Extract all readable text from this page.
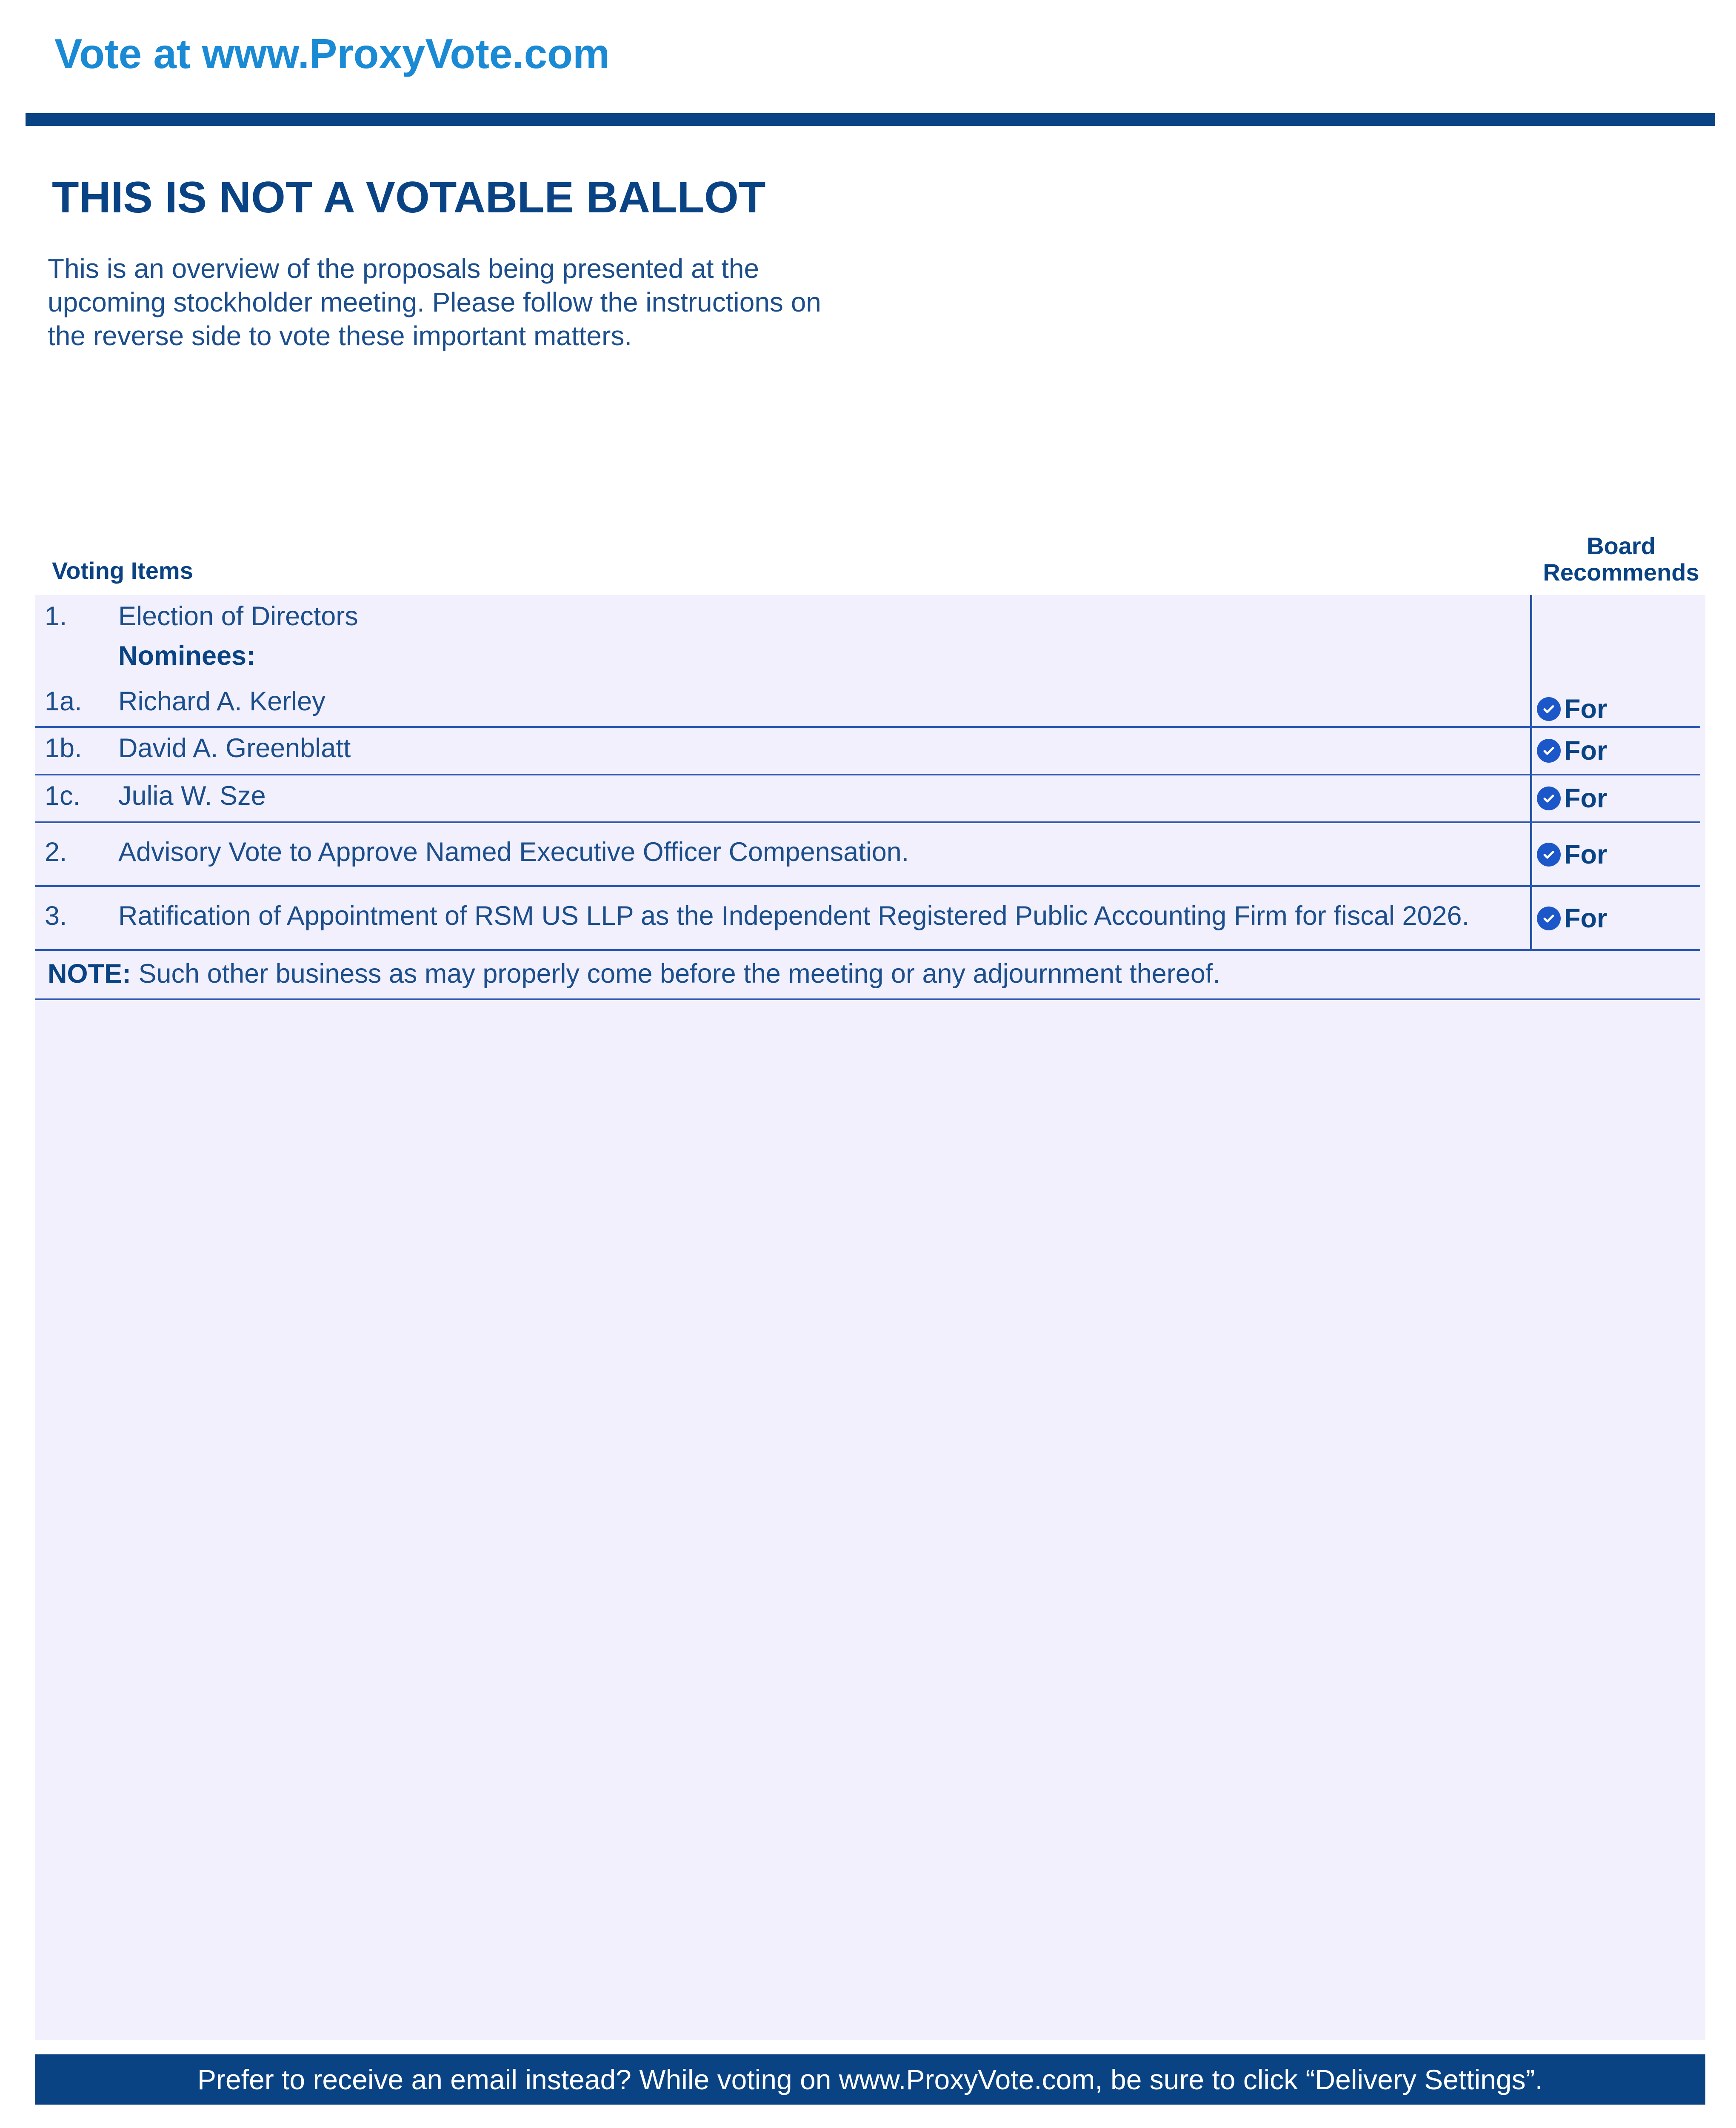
Vote at www.ProxyVote.com
THIS IS NOT A VOTABLE BALLOT
This is an overview of the proposals being presented at the upcoming stockholder meeting. Please follow the instructions on the reverse side to vote these important matters.
Voting Items
Board Recommends
1. Election of Directors
Nominees:
1a. Richard A. Kerley	For
1b. David A. Greenblatt	For
1c. Julia W. Sze	For
2. Advisory Vote to Approve Named Executive Officer Compensation.	For
3. Ratification of Appointment of RSM US LLP as the Independent Registered Public Accounting Firm for fiscal 2026.	For
NOTE: Such other business as may properly come before the meeting or any adjournment thereof.
Prefer to receive an email instead? While voting on www.ProxyVote.com, be sure to click “Delivery Settings”.
